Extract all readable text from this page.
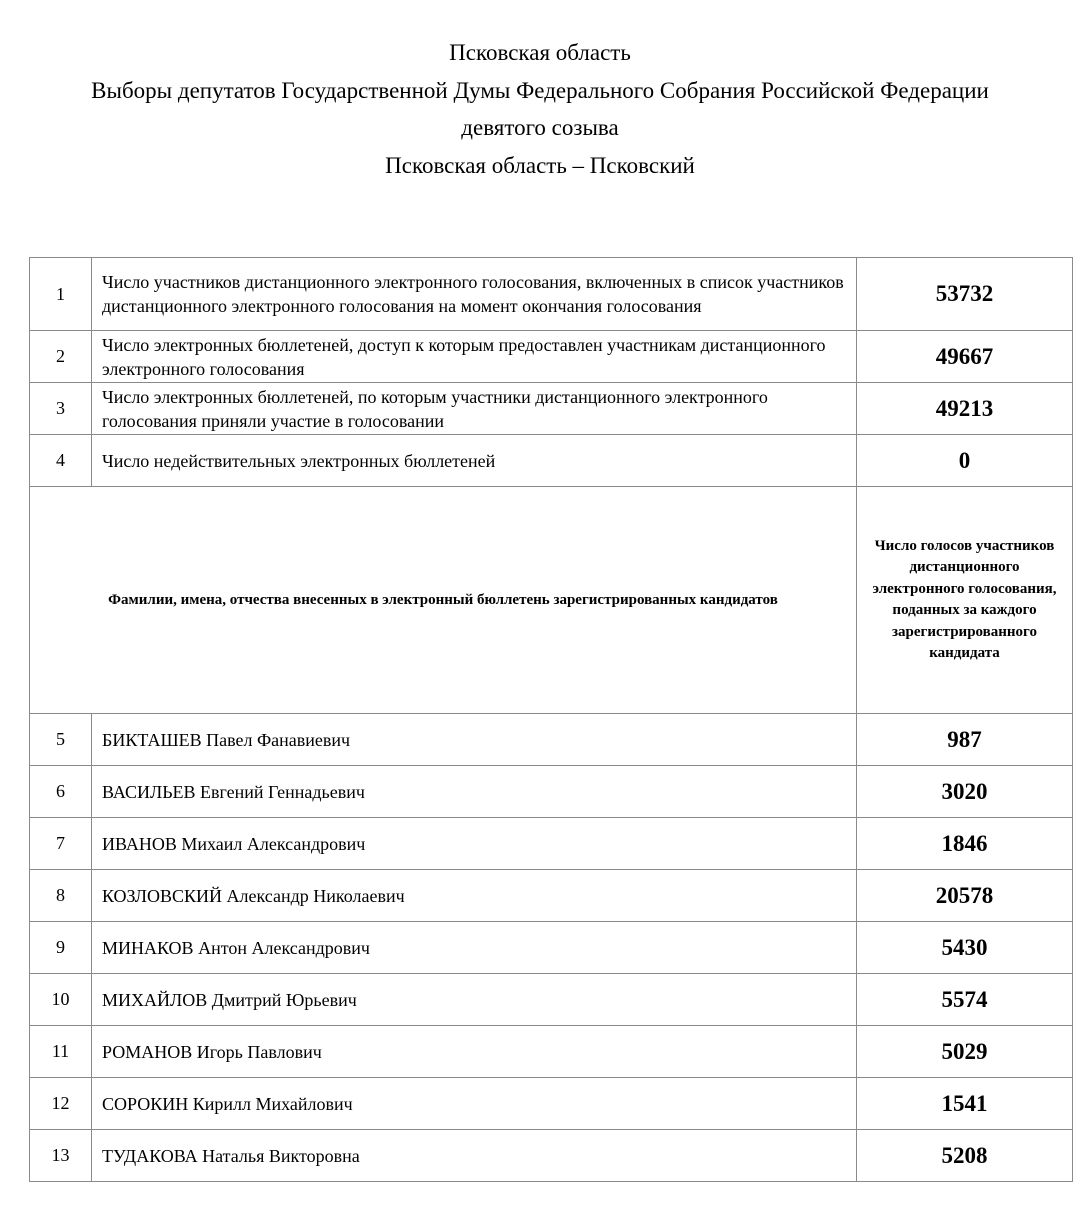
Псковская область
Выборы депутатов Государственной Думы Федерального Собрания Российской Федерации
девятого созыва
Псковская область – Псковский
1	Число участников дистанционного электронного голосования, включенных в список участников дистанционного электронного голосования на момент окончания голосования	53732
2	Число электронных бюллетеней, доступ к которым предоставлен участникам дистанционного электронного голосования	49667
3	Число электронных бюллетеней, по которым участники дистанционного электронного голосования приняли участие в голосовании	49213
4	Число недействительных электронных бюллетеней	0
Фамилии, имена, отчества внесенных в электронный бюллетень зарегистрированных кандидатов		Число голосов участников дистанционного электронного голосования, поданных за каждого зарегистрированного кандидата
5	БИКТАШЕВ Павел Фанавиевич	987
6	ВАСИЛЬЕВ Евгений Геннадьевич	3020
7	ИВАНОВ Михаил Александрович	1846
8	КОЗЛОВСКИЙ Александр Николаевич	20578
9	МИНАКОВ Антон Александрович	5430
10	МИХАЙЛОВ Дмитрий Юрьевич	5574
11	РОМАНОВ Игорь Павлович	5029
12	СОРОКИН Кирилл Михайлович	1541
13	ТУДАКОВА Наталья Викторовна	5208
